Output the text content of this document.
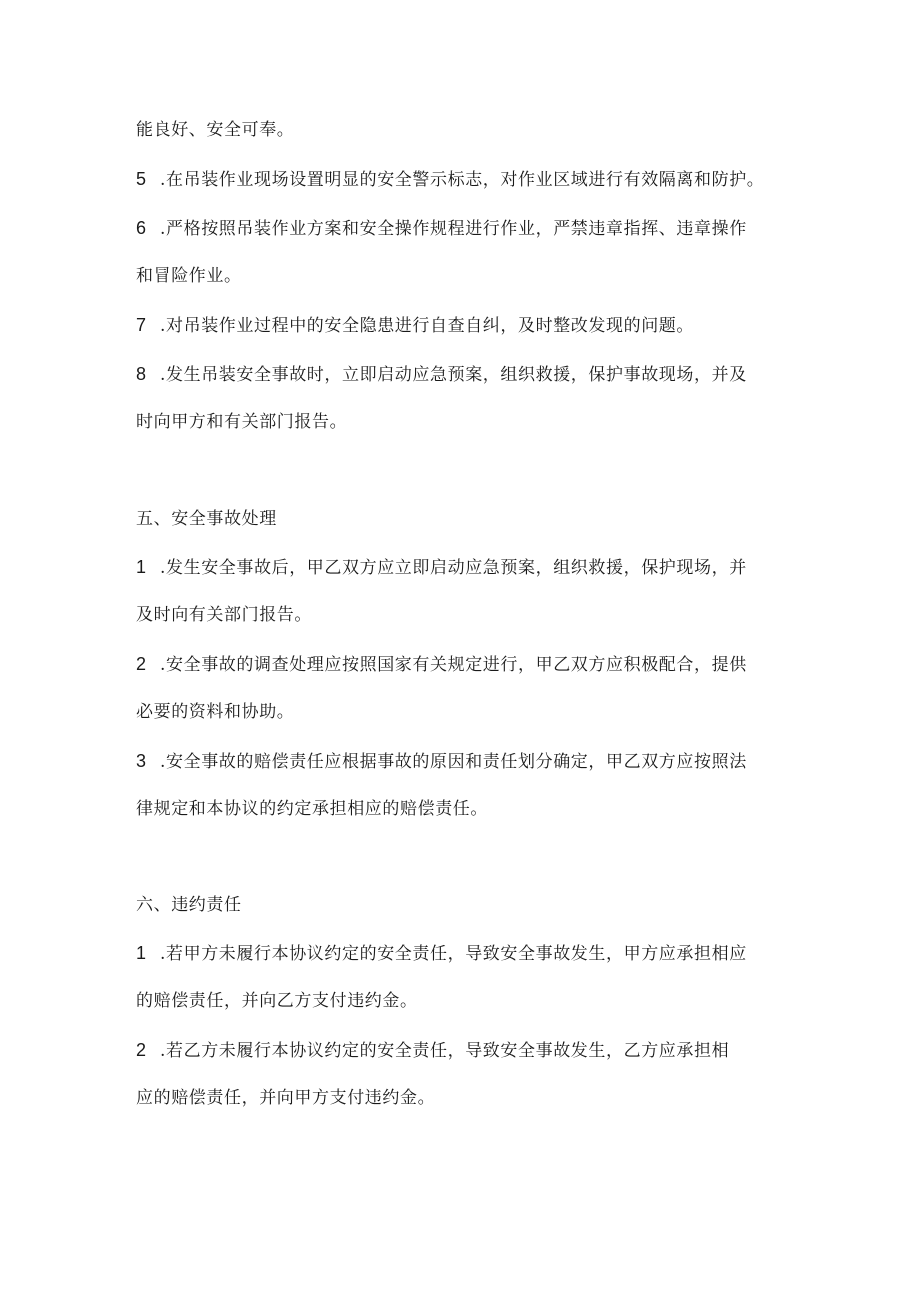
能良好、安全可奉。
5 .在吊装作业现场设置明显的安全警示标志，对作业区域进行有效隔离和防护。
6 .严格按照吊装作业方案和安全操作规程进行作业，严禁违章指挥、违章操作
和冒险作业。
7 .对吊装作业过程中的安全隐患进行自查自纠，及时整改发现的问题。
8 .发生吊装安全事故时，立即启动应急预案，组织救援，保护事故现场，并及
时向甲方和有关部门报告。
五、安全事故处理
1 .发生安全事故后，甲乙双方应立即启动应急预案，组织救援，保护现场，并
及时向有关部门报告。
2 .安全事故的调查处理应按照国家有关规定进行，甲乙双方应积极配合，提供
必要的资料和协助。
3 .安全事故的赔偿责任应根据事故的原因和责任划分确定，甲乙双方应按照法
律规定和本协议的约定承担相应的赔偿责任。
六、违约责任
1 .若甲方未履行本协议约定的安全责任，导致安全事故发生，甲方应承担相应
的赔偿责任，并向乙方支付违约金。
2 .若乙方未履行本协议约定的安全责任，导致安全事故发生，乙方应承担相
应的赔偿责任，并向甲方支付违约金。
